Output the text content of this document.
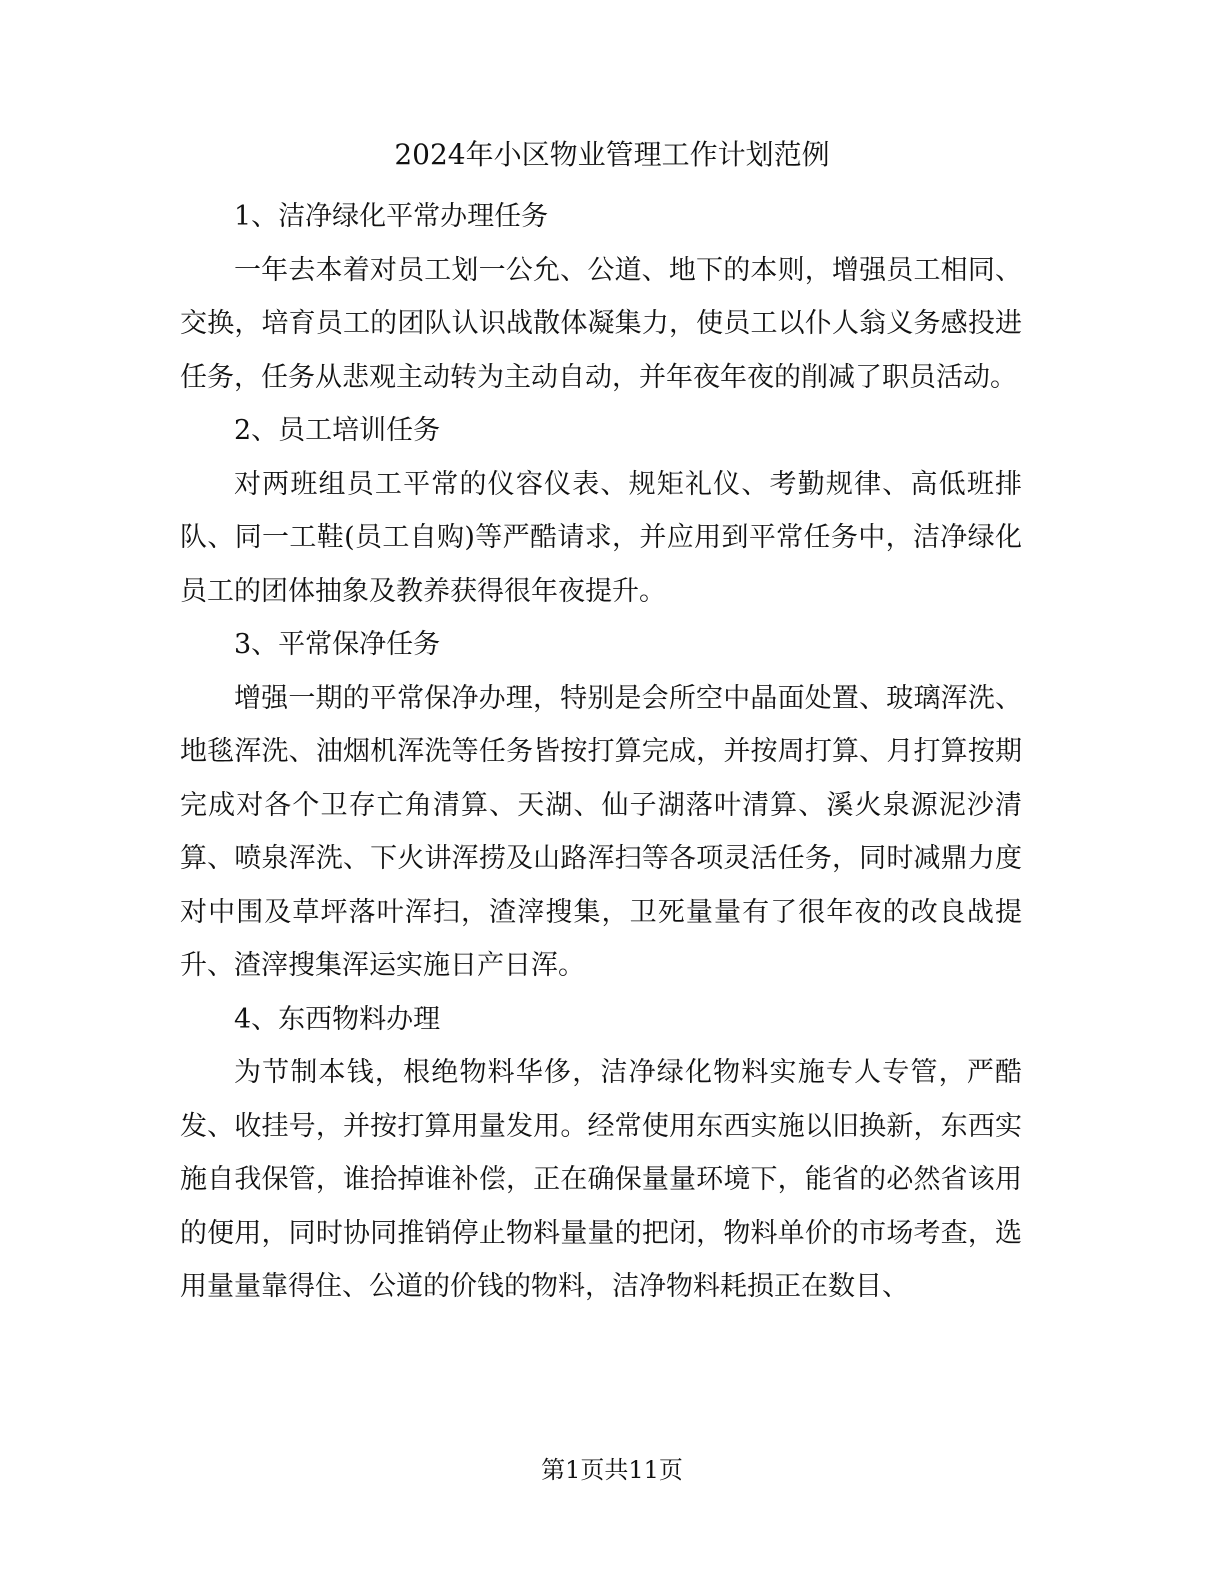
2024年小区物业管理工作计划范例

1、洁净绿化平常办理任务

一年去本着对员工划一公允、公道、地下的本则，增强员工相同、交换，培育员工的团队认识战散体凝集力，使员工以仆人翁义务感投进任务，任务从悲观主动转为主动自动，并年夜年夜的削减了职员活动。

2、员工培训任务

对两班组员工平常的仪容仪表、规矩礼仪、考勤规律、高低班排队、同一工鞋(员工自购)等严酷请求，并应用到平常任务中，洁净绿化员工的团体抽象及教养获得很年夜提升。

3、平常保净任务

增强一期的平常保净办理，特别是会所空中晶面处置、玻璃浑洗、地毯浑洗、油烟机浑洗等任务皆按打算完成，并按周打算、月打算按期完成对各个卫存亡角清算、天湖、仙子湖落叶清算、溪火泉源泥沙清算、喷泉浑洗、下火讲浑捞及山路浑扫等各项灵活任务，同时减鼎力度对中围及草坪落叶浑扫，渣滓搜集，卫死量量有了很年夜的改良战提升、渣滓搜集浑运实施日产日浑。

4、东西物料办理

为节制本钱，根绝物料华侈，洁净绿化物料实施专人专管，严酷发、收挂号，并按打算用量发用。经常使用东西实施以旧换新，东西实施自我保管，谁拾掉谁补偿，正在确保量量环境下，能省的必然省该用的便用，同时协同推销停止物料量量的把闭，物料单价的市场考查，选用量量靠得住、公道的价钱的物料，洁净物料耗损正在数目、

第1页共11页
